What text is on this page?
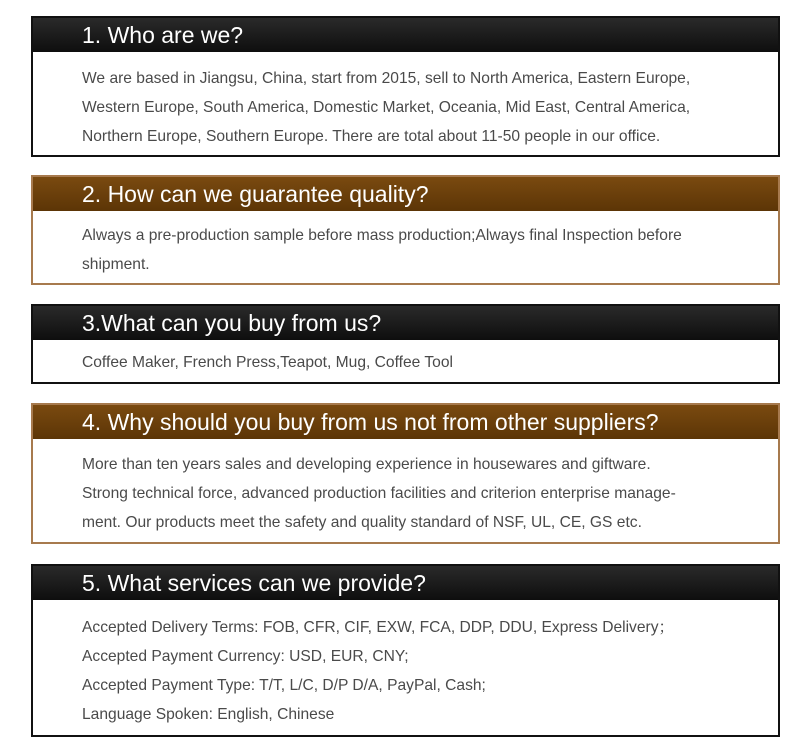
1. Who are we?

We are based in Jiangsu, China, start from 2015, sell to North America, Eastern Europe,

Western Europe, South America, Domestic Market, Oceania, Mid East, Central America,

Northern Europe, Southern Europe. There are total about 11-50 people in our office.

2. How can we guarantee quality?

Always a pre-production sample before mass production;Always final Inspection before

shipment.

3.What can you buy from us?

Coffee Maker, French Press,Teapot, Mug, Coffee Tool

4. Why should you buy from us not from other suppliers?

More than ten years sales and developing experience in housewares and giftware.

Strong technical force, advanced production facilities and criterion enterprise manage-

ment. Our products meet the safety and quality standard of NSF, UL, CE, GS etc.

5. What services can we provide?

Accepted Delivery Terms: FOB, CFR, CIF, EXW, FCA, DDP, DDU, Express Delivery；

Accepted Payment Currency: USD, EUR, CNY;

Accepted Payment Type: T/T, L/C, D/P D/A, PayPal, Cash;

Language Spoken: English, Chinese
